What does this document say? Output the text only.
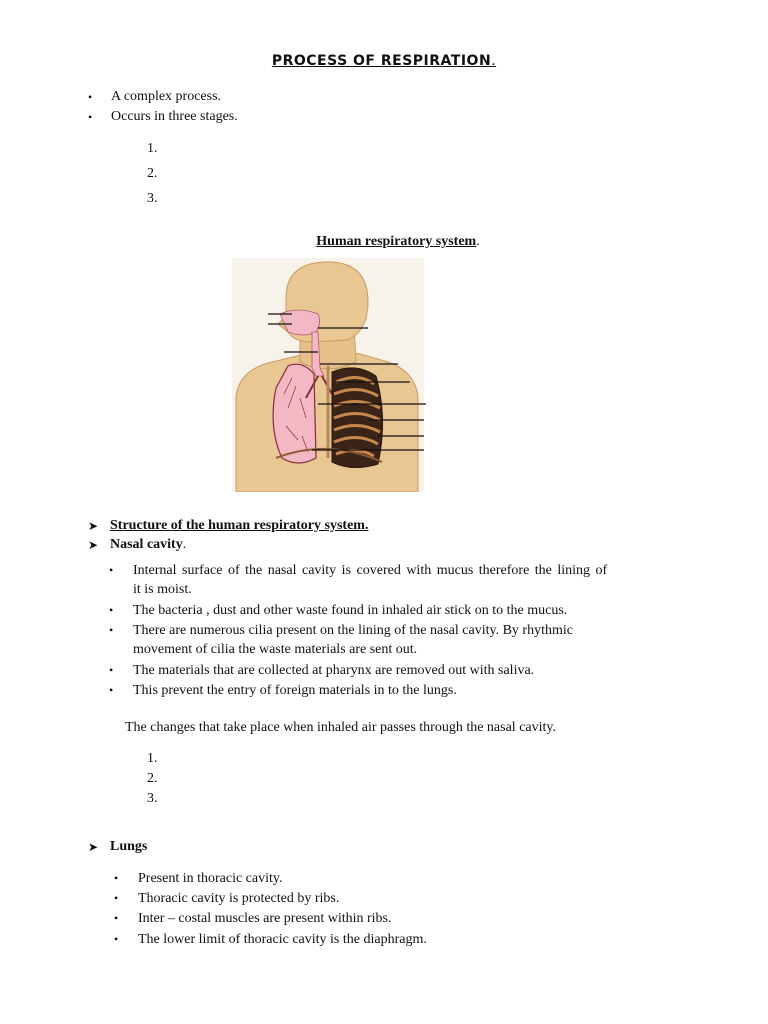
PROCESS OF RESPIRATION.
• A complex process.
• Occurs in three stages.
1.
2.
3.
Human respiratory system.
➤ Structure of the human respiratory system.
➤ Nasal cavity.
• Internal surface of the nasal cavity is covered with mucus therefore the lining of
it is moist.
• The bacteria , dust and other waste found in inhaled air stick on to the mucus.
• There are numerous cilia present on the lining of the nasal cavity. By rhythmic
movement of cilia the waste materials are sent out.
• The materials that are collected at pharynx are removed out with saliva.
• This prevent the entry of foreign materials in to the lungs.
The changes that take place when inhaled air passes through the nasal cavity.
1.
2.
3.
➤ Lungs
• Present in thoracic cavity.
• Thoracic cavity is protected by ribs.
• Inter – costal muscles are present within ribs.
• The lower limit of thoracic cavity is the diaphragm.
